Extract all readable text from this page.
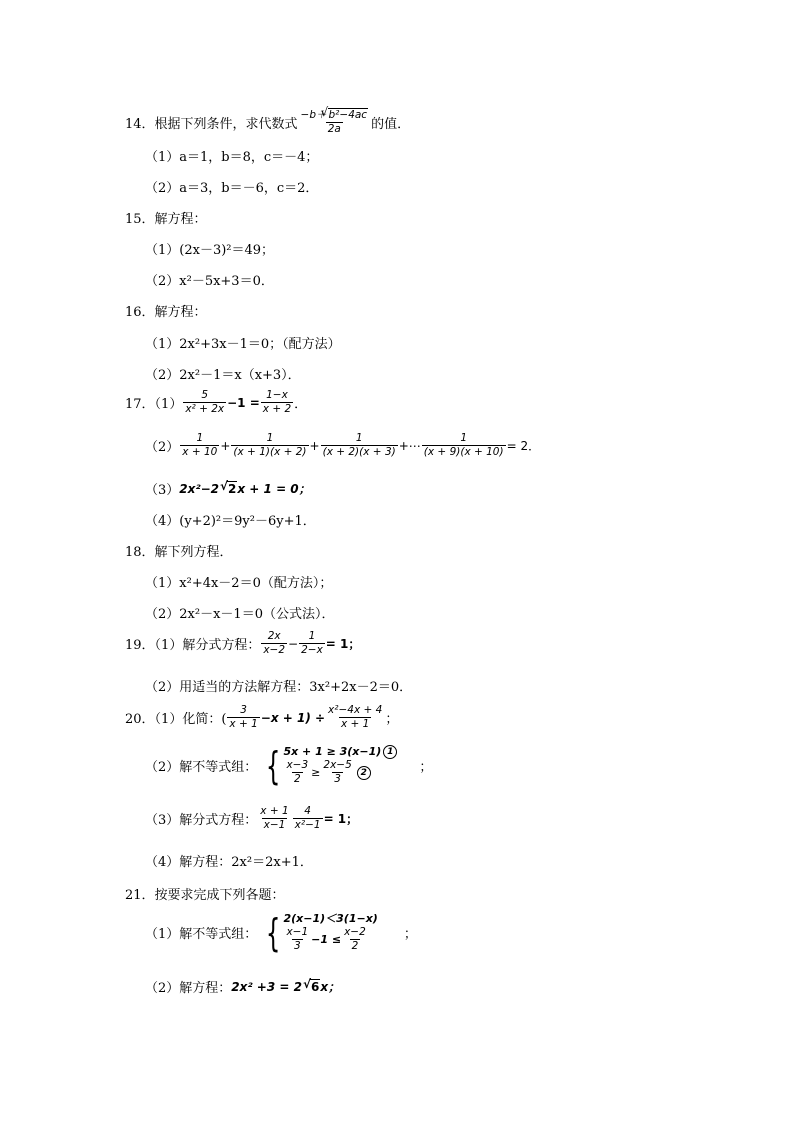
14．根据下列条件，求代数式 $\frac{\text{−b＋ √ b²−4ac}}{2a}$ 的值．
（1）a＝1，b＝8，c＝－4；
（2）a＝3，b＝－6，c＝2．
15．解方程：
（1）(2x－3)²＝49；
（2）x²－5x+3＝0．
16．解方程：
（1）2x²+3x－1＝0；（配方法）
（2）2x²－1＝x（x+3）．
17．$(1) \frac{5}{\text{x² + 2x}} -1 = \frac{1-x}{x + 2}$ ．
$(2) \frac{1}{x + 10} + \frac{1}{(x + 1)(x + 2)} + \frac{1}{(x + 2)(x + 3)}$ +⋯ $\frac{1}{(x + 9)(x + 10)} = 2$．
（3） 2x²−2 √ 2 x + 1 = 0；
（4）(y+2)²＝9y²－6y+1．
18．解下列方程．
（1）x²+4x－2＝0（配方法）；
（2）2x²－x－1＝0（公式法）．
19．（1）解分式方程： $\frac{2x}{x-2} - \frac{1}{2-x} = 1$；
（2）用适当的方法解方程：3x²+2x－2＝0．
20．（1）化简：( $\frac{3}{x + 1} -x + 1) \div \frac{\text{x²−4x + 4}}{x + 1}$ ；
（2）解不等式组： { 5x + 1 ≥ 3(x−1) 1
$\frac{x-3}{2} \ge \frac{2x-5}{3} 2$	；
（3）解分式方程： $\frac{x + 1}{x-1} \frac{4}{\text{x²−1}} = 1$；
（4）解方程：2x²＝2x+1．
21．按要求完成下列各题：
（1）解不等式组： { 2(x−1)＜3(1−x)
$\frac{x-1}{3} -1 \le \frac{x-2}{2}$	；
（2）解方程： 2x² +3 = 2 √ 6 x；
